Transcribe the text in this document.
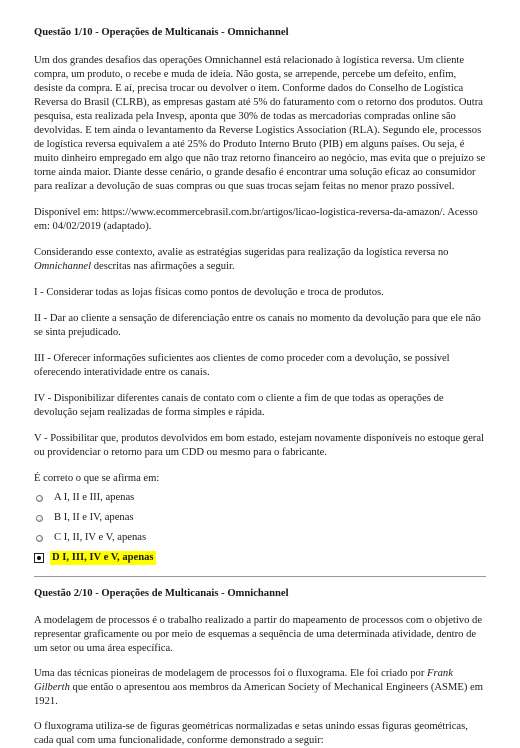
Questão 1/10 - Operações de Multicanais - Omnichannel

Um dos grandes desafios das operações Omnichannel está relacionado à logística reversa. Um cliente compra, um produto, o recebe e muda de ideia. Não gosta, se arrepende, percebe um defeito, enfim, desiste da compra. E aí, precisa trocar ou devolver o item. Conforme dados do Conselho de Logística Reversa do Brasil (CLRB), as empresas gastam até 5% do faturamento com o retorno dos produtos. Outra pesquisa, esta realizada pela Invesp, aponta que 30% de todas as mercadorias compradas online são devolvidas. E tem ainda o levantamento da Reverse Logistics Association (RLA). Segundo ele, processos de logística reversa equivalem a até 25% do Produto Interno Bruto (PIB) em alguns países. Ou seja, é muito dinheiro empregado em algo que não traz retorno financeiro ao negócio, mas evita que o prejuízo se torne ainda maior. Diante desse cenário, o grande desafio é encontrar uma solução eficaz ao consumidor para realizar a devolução de suas compras ou que suas trocas sejam feitas no menor prazo possível.

Disponível em: https://www.ecommercebrasil.com.br/artigos/licao-logistica-reversa-da-amazon/. Acesso em: 04/02/2019 (adaptado).

Considerando esse contexto, avalie as estratégias sugeridas para realização da logística reversa no Omnichannel descritas nas afirmações a seguir.

I - Considerar todas as lojas físicas como pontos de devolução e troca de produtos.

II - Dar ao cliente a sensação de diferenciação entre os canais no momento da devolução para que ele não se sinta prejudicado.

III - Oferecer informações suficientes aos clientes de como proceder com a devolução, se possível oferecendo interatividade entre os canais.

IV - Disponibilizar diferentes canais de contato com o cliente a fim de que todas as operações de devolução sejam realizadas de forma simples e rápida.

V - Possibilitar que, produtos devolvidos em bom estado, estejam novamente disponíveis no estoque geral ou providenciar o retorno para um CDD ou mesmo para o fabricante.

É correto o que se afirma em:
A I, II e III, apenas
B I, II e IV, apenas
C I, II, IV e V, apenas
D I, III, IV e V, apenas
Questão 2/10 - Operações de Multicanais - Omnichannel

A modelagem de processos é o trabalho realizado a partir do mapeamento de processos com o objetivo de representar graficamente ou por meio de esquemas a sequência de uma determinada atividade, dentro de um setor ou uma área específica.

Uma das técnicas pioneiras de modelagem de processos foi o fluxograma. Ele foi criado por Frank Gilberth que então o apresentou aos membros da American Society of Mechanical Engineers (ASME) em 1921.

O fluxograma utiliza-se de figuras geométricas normalizadas e setas unindo essas figuras geométricas, cada qual com uma funcionalidade, conforme demonstrado a seguir:
